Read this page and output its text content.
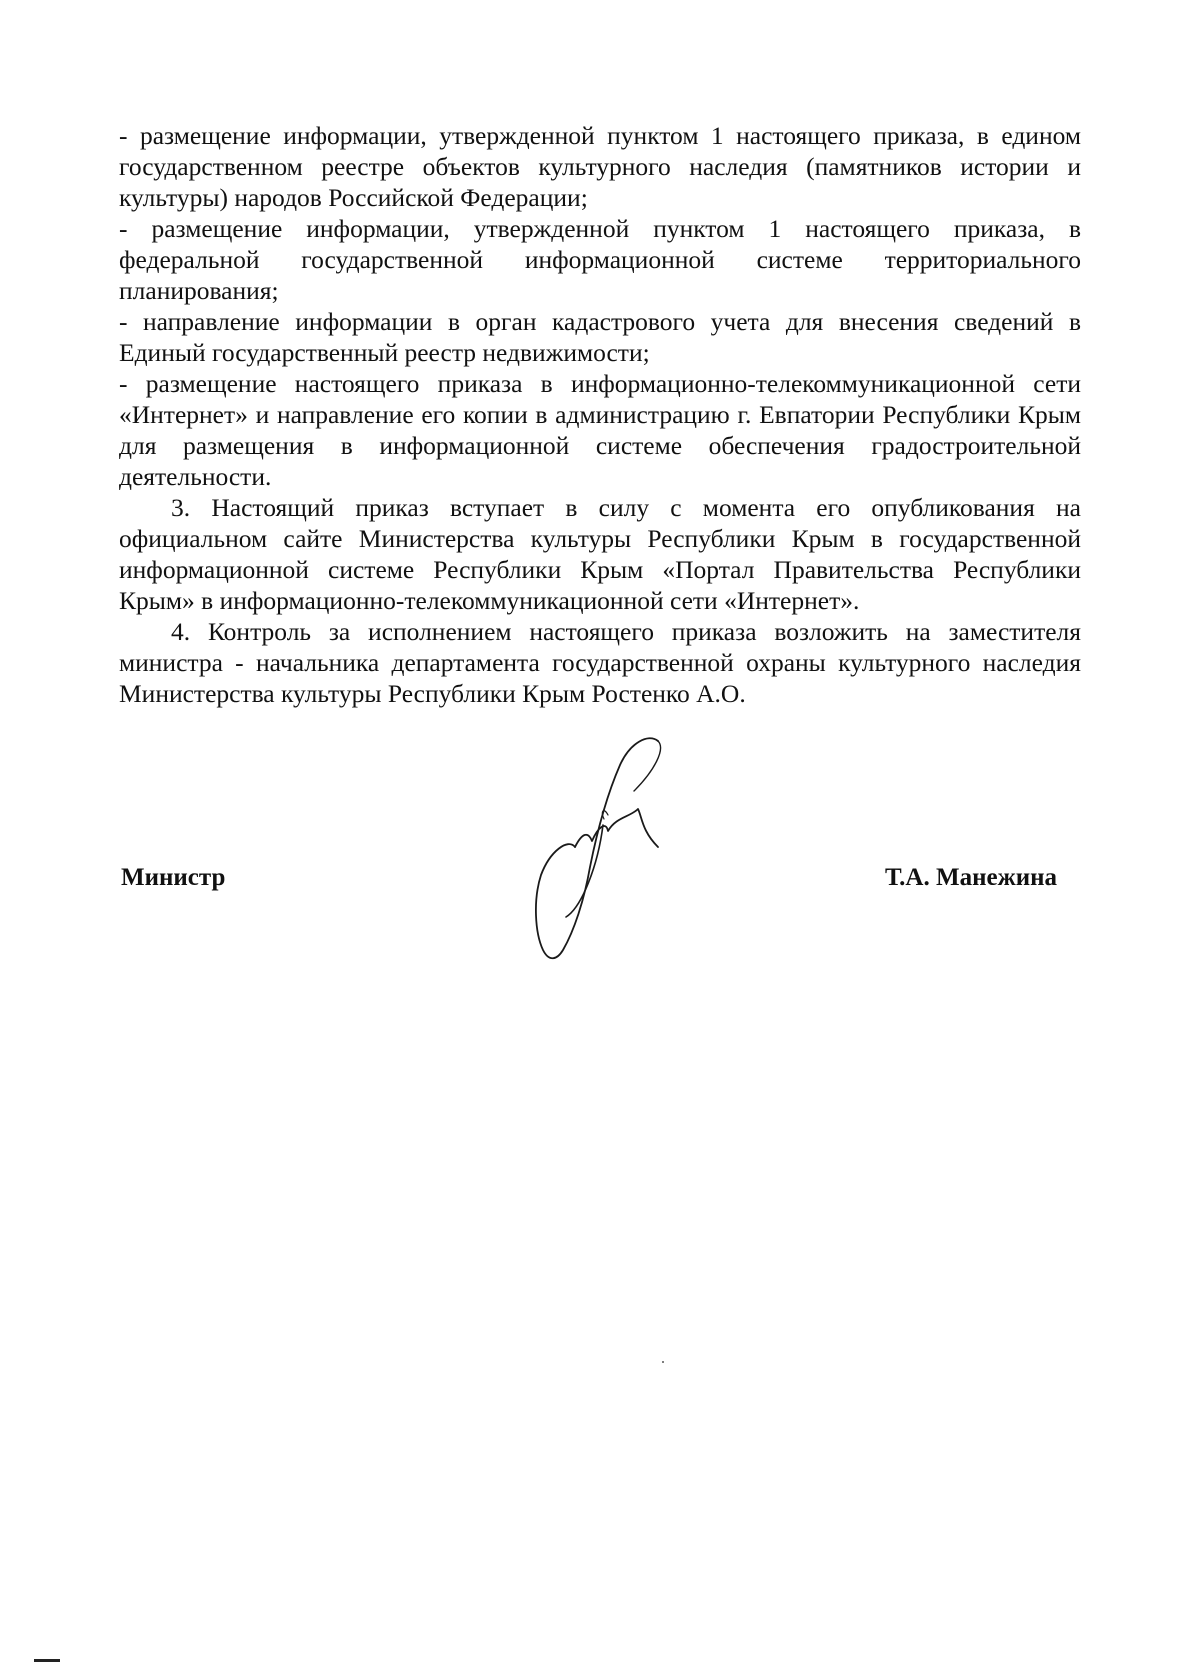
- размещение информации, утвержденной пунктом 1 настоящего приказа, в едином государственном реестре объектов культурного наследия (памятников истории и культуры) народов Российской Федерации;

- размещение информации, утвержденной пунктом 1 настоящего приказа, в федеральной государственной информационной системе территориального планирования;

- направление информации в орган кадастрового учета для внесения сведений в Единый государственный реестр недвижимости;

- размещение настоящего приказа в информационно-телекоммуникационной сети «Интернет» и направление его копии в администрацию г. Евпатории Республики Крым для размещения в информационной системе обеспечения градостроительной деятельности.

3. Настоящий приказ вступает в силу с момента его опубликования на официальном сайте Министерства культуры Республики Крым в государственной информационной системе Республики Крым «Портал Правительства Республики Крым» в информационно-телекоммуникационной сети «Интернет».

4. Контроль за исполнением настоящего приказа возложить на заместителя министра - начальника департамента государственной охраны культурного наследия Министерства культуры Республики Крым Ростенко А.О.

Министр	Т.А. Манежина
